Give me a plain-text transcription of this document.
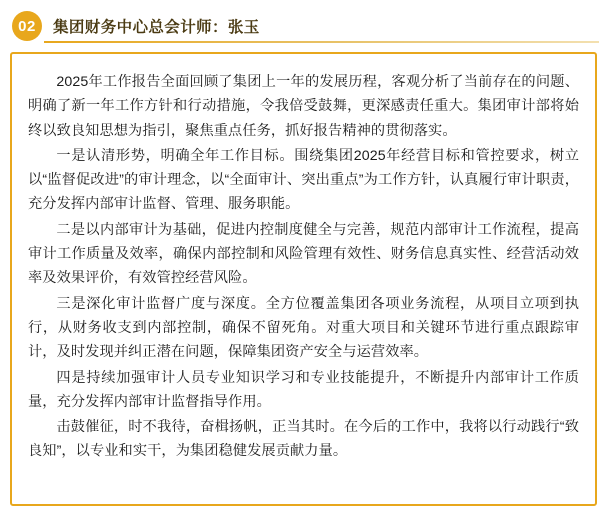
02	集团财务中心总会计师：张玉

2025年工作报告全面回顾了集团上一年的发展历程，客观分析了当前存在的问题、明确了新一年工作方针和行动措施，令我倍受鼓舞，更深感责任重大。集团审计部将始终以致良知思想为指引，聚焦重点任务，抓好报告精神的贯彻落实。

一是认清形势，明确全年工作目标。围绕集团2025年经营目标和管控要求，树立以“监督促改进”的审计理念，以“全面审计、突出重点”为工作方针，认真履行审计职责，充分发挥内部审计监督、管理、服务职能。

二是以内部审计为基础，促进内控制度健全与完善，规范内部审计工作流程，提高审计工作质量及效率，确保内部控制和风险管理有效性、财务信息真实性、经营活动效率及效果评价，有效管控经营风险。

三是深化审计监督广度与深度。全方位覆盖集团各项业务流程，从项目立项到执行，从财务收支到内部控制，确保不留死角。对重大项目和关键环节进行重点跟踪审计，及时发现并纠正潜在问题，保障集团资产安全与运营效率。

四是持续加强审计人员专业知识学习和专业技能提升，不断提升内部审计工作质量，充分发挥内部审计监督指导作用。

击鼓催征，时不我待，奋楫扬帆，正当其时。在今后的工作中，我将以行动践行“致良知”，以专业和实干，为集团稳健发展贡献力量。
